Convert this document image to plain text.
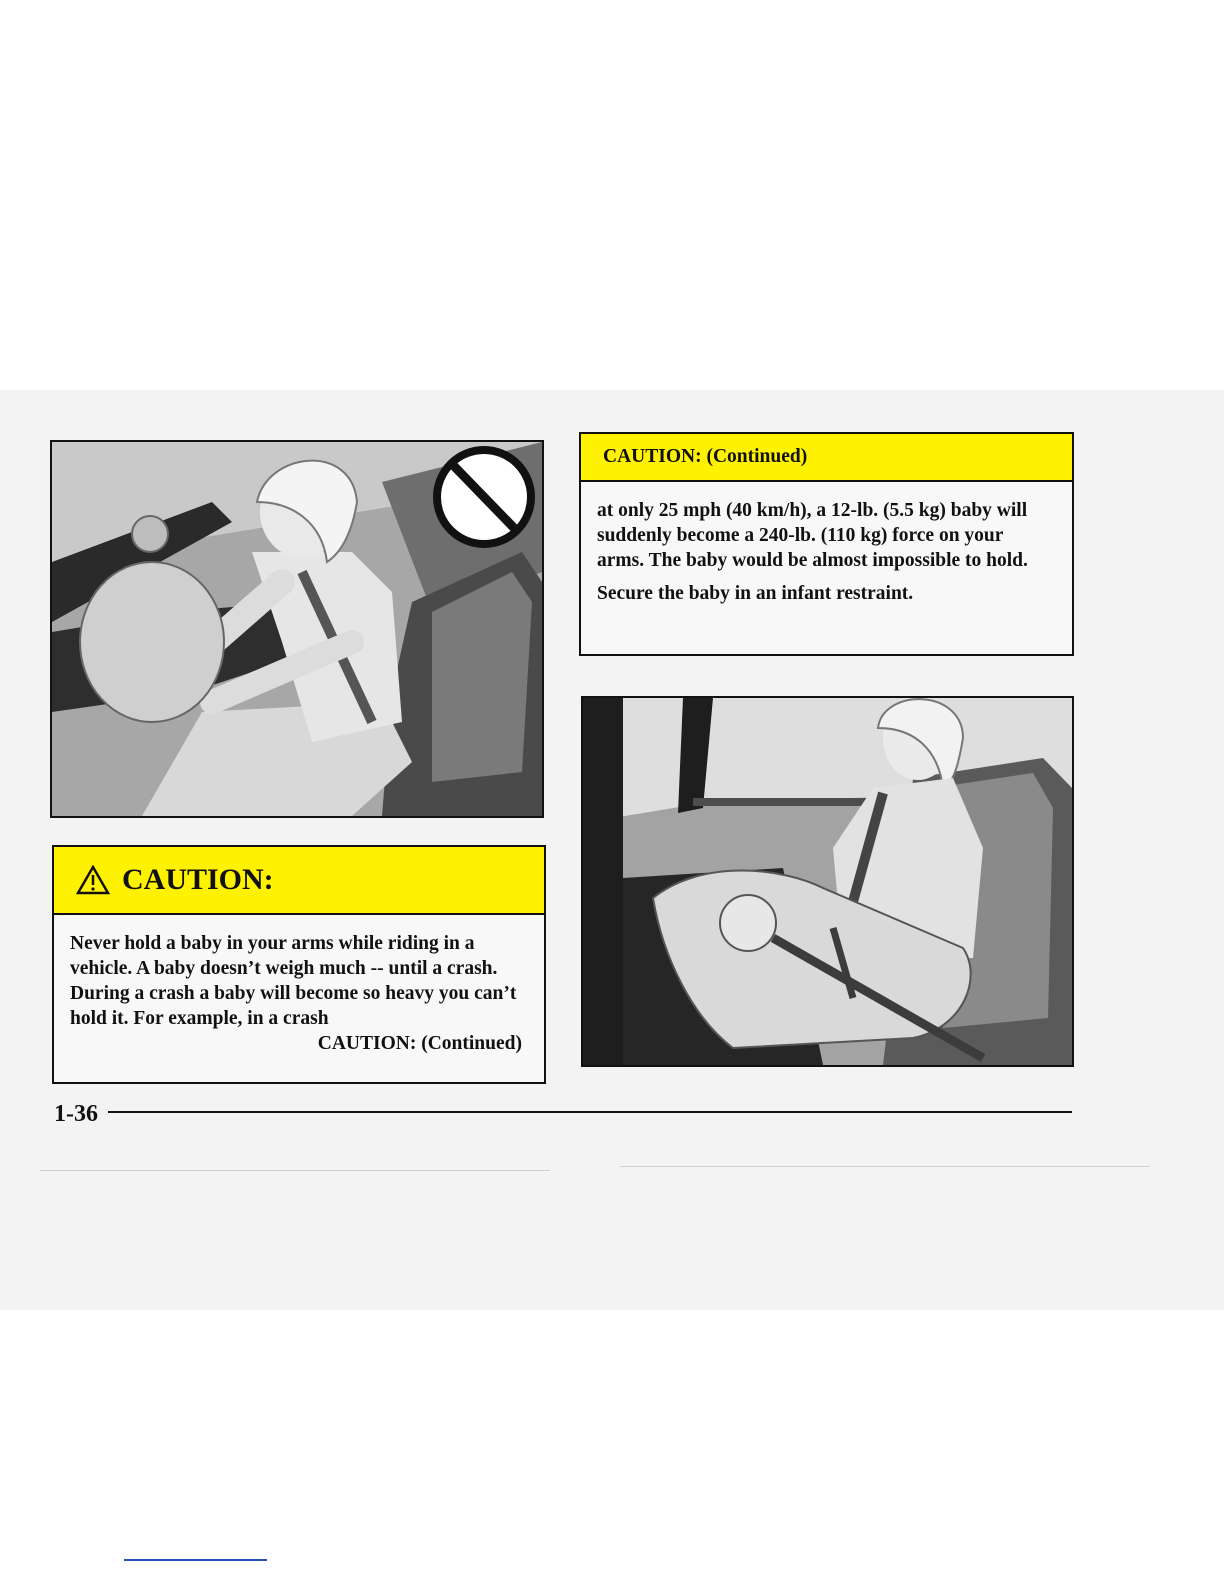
CAUTION:

Never hold a baby in your arms while riding in a vehicle. A baby doesn’t weigh much -- until a crash. During a crash a baby will become so heavy you can’t hold it. For example, in a crash

CAUTION: (Continued)

CAUTION: (Continued)

at only 25 mph (40 km/h), a 12-lb. (5.5 kg) baby will suddenly become a 240-lb. (110 kg) force on your arms. The baby would be almost impossible to hold.

Secure the baby in an infant restraint.

1-36
